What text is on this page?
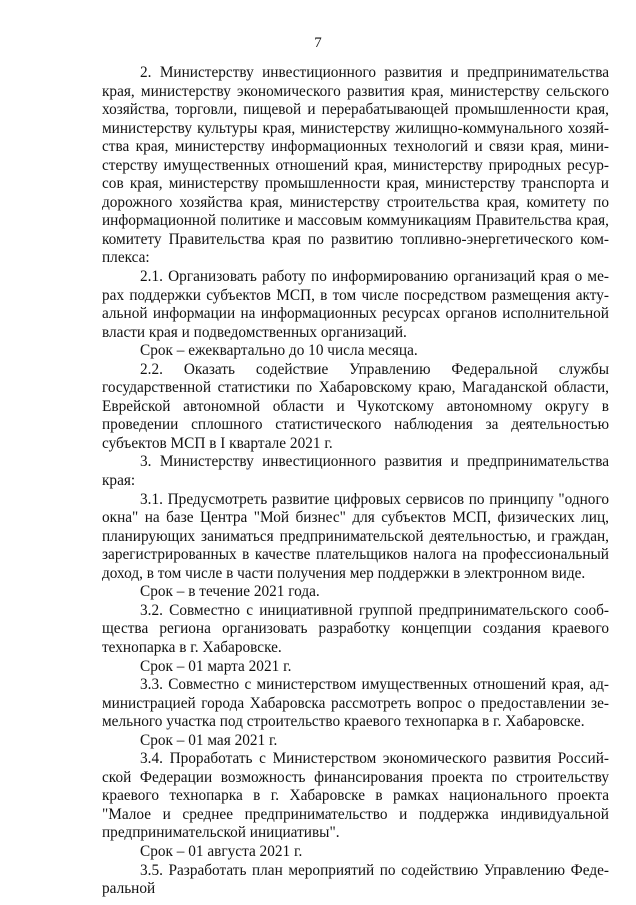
7

2. Министерству инвестиционного развития и предпринимательства края, министерству экономического развития края, министерству сельского хозяйства, торговли, пищевой и перерабатывающей промышленности края, министерству культуры края, министерству жилищно-коммунального хозяйства края, министерству информационных технологий и связи края, министерству имущественных отношений края, министерству природных ресурсов края, министерству промышленности края, министерству транспорта и дорожного хозяйства края, министерству строительства края, комитету по информационной политике и массовым коммуникациям Правительства края, комитету Правительства края по развитию топливно-энергетического комплекса:

2.1. Организовать работу по информированию организаций края о мерах поддержки субъектов МСП, в том числе посредством размещения актуальной информации на информационных ресурсах органов исполнительной власти края и подведомственных организаций.

Срок – ежеквартально до 10 числа месяца.

2.2. Оказать содействие Управлению Федеральной службы государственной статистики по Хабаровскому краю, Магаданской области, Еврейской автономной области и Чукотскому автономному округу в проведении сплошного статистического наблюдения за деятельностью субъектов МСП в I квартале 2021 г.

3. Министерству инвестиционного развития и предпринимательства края:

3.1. Предусмотреть развитие цифровых сервисов по принципу "одного окна" на базе Центра "Мой бизнес" для субъектов МСП, физических лиц, планирующих заниматься предпринимательской деятельностью, и граждан, зарегистрированных в качестве плательщиков налога на профессиональный доход, в том числе в части получения мер поддержки в электронном виде.

Срок – в течение 2021 года.

3.2. Совместно с инициативной группой предпринимательского сообщества региона организовать разработку концепции создания краевого технопарка в г. Хабаровске.

Срок – 01 марта 2021 г.

3.3. Совместно с министерством имущественных отношений края, администрацией города Хабаровска рассмотреть вопрос о предоставлении земельного участка под строительство краевого технопарка в г. Хабаровске.

Срок – 01 мая 2021 г.

3.4. Проработать с Министерством экономического развития Российской Федерации возможность финансирования проекта по строительству краевого технопарка в г. Хабаровске в рамках национального проекта "Малое и среднее предпринимательство и поддержка индивидуальной предпринимательской инициативы".

Срок – 01 августа 2021 г.

3.5. Разработать план мероприятий по содействию Управлению Федеральной
